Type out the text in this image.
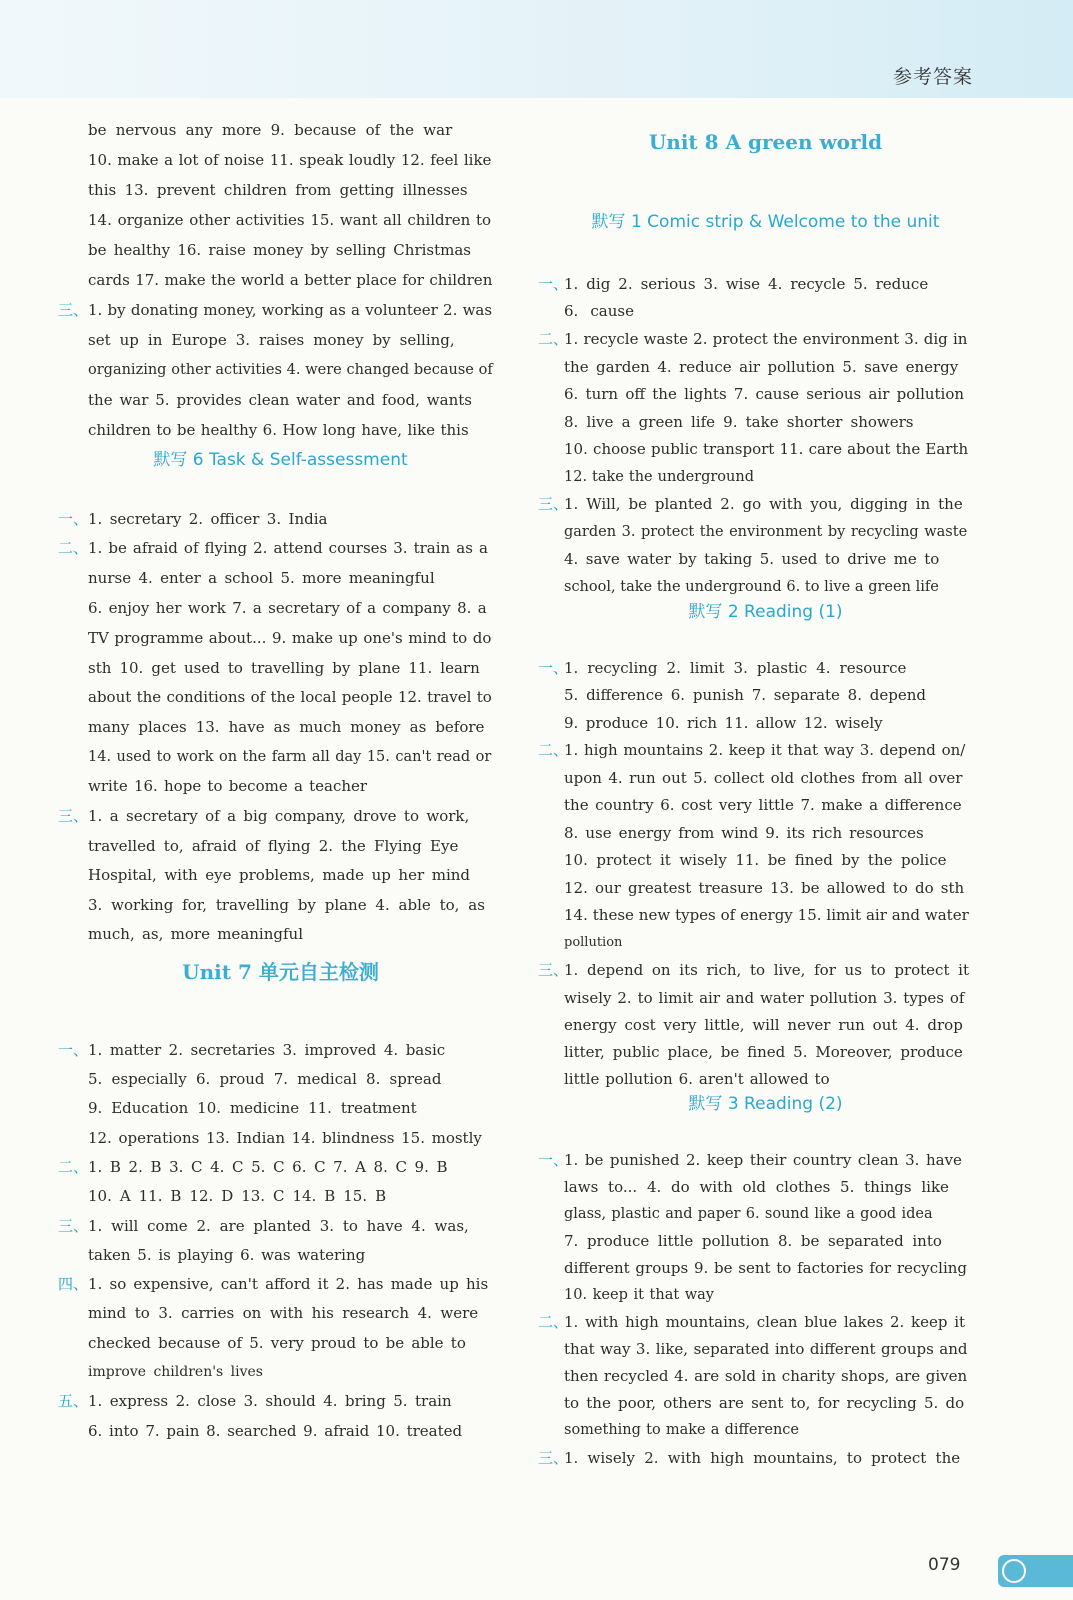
参考答案
默写 6 Task & Self-assessment
Unit 7 单元自主检测
be nervous any more 9. because of the war
10. make a lot of noise 11. speak loudly 12. feel like
this 13. prevent children from getting illnesses
14. organize other activities 15. want all children to
be healthy 16. raise money by selling Christmas
cards 17. make the world a better place for children
三、 1. by donating money, working as a volunteer 2. was
set up in Europe 3. raises money by selling,
organizing other activities 4. were changed because of
the war 5. provides clean water and food, wants
children to be healthy 6. How long have, like this
一、 1. secretary 2. officer 3. India
二、 1. be afraid of flying 2. attend courses 3. train as a
nurse 4. enter a school 5. more meaningful
6. enjoy her work 7. a secretary of a company 8. a
TV programme about... 9. make up one's mind to do
sth 10. get used to travelling by plane 11. learn
about the conditions of the local people 12. travel to
many places 13. have as much money as before
14. used to work on the farm all day 15. can't read or
write 16. hope to become a teacher
三、 1. a secretary of a big company, drove to work,
travelled to, afraid of flying 2. the Flying Eye
Hospital, with eye problems, made up her mind
3. working for, travelling by plane 4. able to, as
much, as, more meaningful
一、 1. matter 2. secretaries 3. improved 4. basic
5. especially 6. proud 7. medical 8. spread
9. Education 10. medicine 11. treatment
12. operations 13. Indian 14. blindness 15. mostly
二、 1. B 2. B 3. C 4. C 5. C 6. C 7. A 8. C 9. B
10. A 11. B 12. D 13. C 14. B 15. B
三、 1. will come 2. are planted 3. to have 4. was,
taken 5. is playing 6. was watering
四、 1. so expensive, can't afford it 2. has made up his
mind to 3. carries on with his research 4. were
checked because of 5. very proud to be able to
improve children's lives
五、 1. express 2. close 3. should 4. bring 5. train
6. into 7. pain 8. searched 9. afraid 10. treated
Unit 8 A green world
默写 1 Comic strip & Welcome to the unit
默写 2 Reading (1)
默写 3 Reading (2)
一、
1. dig 2. serious 3. wise 4. recycle 5. reduce
6. cause
二、
1. recycle waste 2. protect the environment 3. dig in
the garden 4. reduce air pollution 5. save energy
6. turn off the lights 7. cause serious air pollution
8. live a green life 9. take shorter showers
10. choose public transport 11. care about the Earth
12. take the underground
三、
1. Will, be planted 2. go with you, digging in the
garden 3. protect the environment by recycling waste
4. save water by taking 5. used to drive me to
school, take the underground 6. to live a green life
一、
1. recycling 2. limit 3. plastic 4. resource
5. difference 6. punish 7. separate 8. depend
9. produce 10. rich 11. allow 12. wisely
二、
1. high mountains 2. keep it that way 3. depend on/
upon 4. run out 5. collect old clothes from all over
the country 6. cost very little 7. make a difference
8. use energy from wind 9. its rich resources
10. protect it wisely 11. be fined by the police
12. our greatest treasure 13. be allowed to do sth
14. these new types of energy 15. limit air and water
pollution
三、
1. depend on its rich, to live, for us to protect it
wisely 2. to limit air and water pollution 3. types of
energy cost very little, will never run out 4. drop
litter, public place, be fined 5. Moreover, produce
little pollution 6. aren't allowed to
一、
1. be punished 2. keep their country clean 3. have
laws to... 4. do with old clothes 5. things like
glass, plastic and paper 6. sound like a good idea
7. produce little pollution 8. be separated into
different groups 9. be sent to factories for recycling
10. keep it that way
二、
1. with high mountains, clean blue lakes 2. keep it
that way 3. like, separated into different groups and
then recycled 4. are sold in charity shops, are given
to the poor, others are sent to, for recycling 5. do
something to make a difference
三、
1. wisely 2. with high mountains, to protect the
079
